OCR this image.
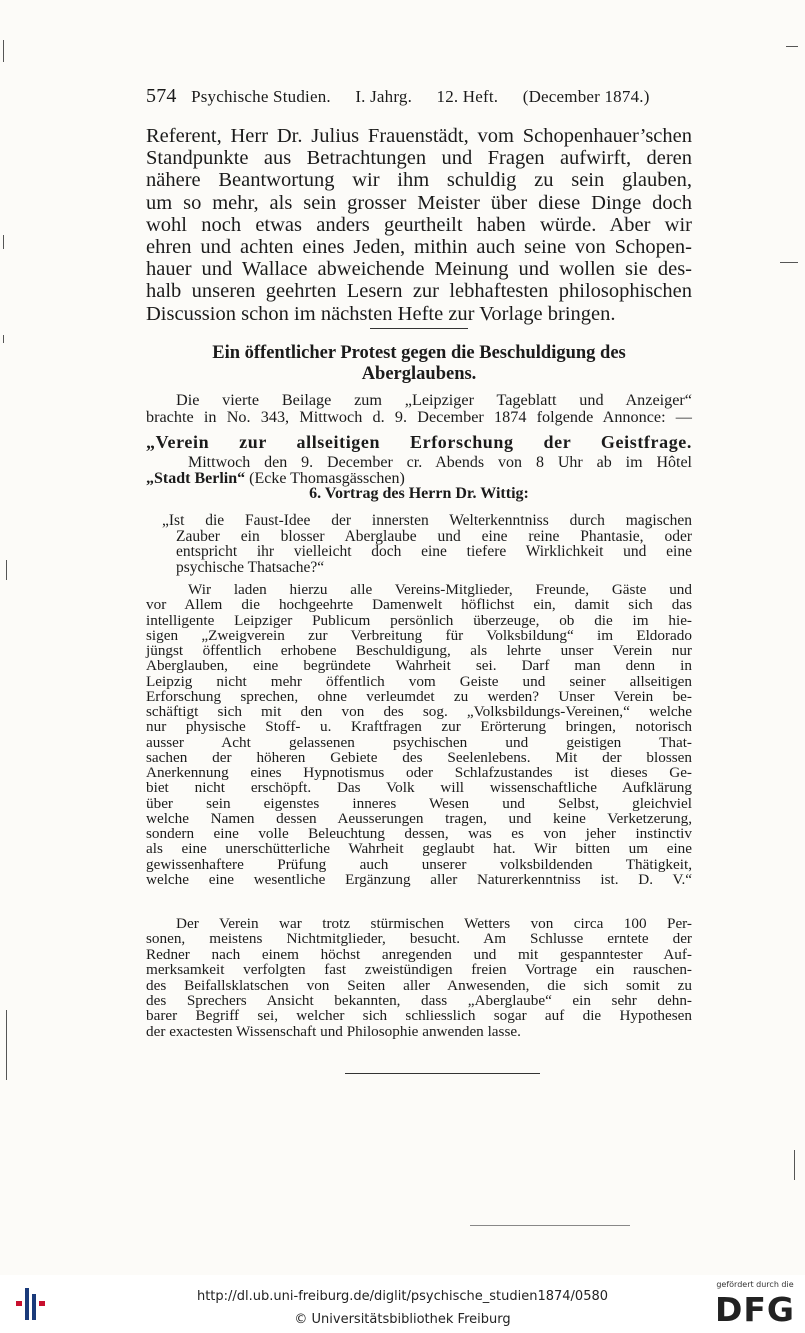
574 Psychische Studien. I. Jahrg. 12. Heft. (December 1874.)
Referent, Herr Dr. Julius Frauenstädt, vom Schopenhauer’schen
Standpunkte aus Betrachtungen und Fragen aufwirft, deren
nähere Beantwortung wir ihm schuldig zu sein glauben,
um so mehr, als sein grosser Meister über diese Dinge doch
wohl noch etwas anders geurtheilt haben würde. Aber wir
ehren und achten eines Jeden, mithin auch seine von Schopen-
hauer und Wallace abweichende Meinung und wollen sie des-
halb unseren geehrten Lesern zur lebhaftesten philosophischen
Discussion schon im nächsten Hefte zur Vorlage bringen.
Ein öffentlicher Protest gegen die Beschuldigung des
Aberglaubens.
Die vierte Beilage zum „Leipziger Tageblatt und Anzeiger“
brachte in No. 343, Mittwoch d. 9. December 1874 folgende Annonce: —
„Verein zur allseitigen Erforschung der Geistfrage.
Mittwoch den 9. December cr. Abends von 8 Uhr ab im Hôtel
„Stadt Berlin“ (Ecke Thomasgässchen)
6. Vortrag des Herrn Dr. Wittig:
„Ist die Faust-Idee der innersten Welterkenntniss durch magischen
Zauber ein blosser Aberglaube und eine reine Phantasie, oder
entspricht ihr vielleicht doch eine tiefere Wirklichkeit und eine
psychische Thatsache?“
Wir laden hierzu alle Vereins-Mitglieder, Freunde, Gäste und
vor Allem die hochgeehrte Damenwelt höflichst ein, damit sich das
intelligente Leipziger Publicum persönlich überzeuge, ob die im hie-
sigen „Zweigverein zur Verbreitung für Volksbildung“ im Eldorado
jüngst öffentlich erhobene Beschuldigung, als lehrte unser Verein nur
Aberglauben, eine begründete Wahrheit sei. Darf man denn in
Leipzig nicht mehr öffentlich vom Geiste und seiner allseitigen
Erforschung sprechen, ohne verleumdet zu werden? Unser Verein be-
schäftigt sich mit den von des sog. „Volksbildungs-Vereinen,“ welche
nur physische Stoff- u. Kraftfragen zur Erörterung bringen, notorisch
ausser Acht gelassenen psychischen und geistigen That-
sachen der höheren Gebiete des Seelenlebens. Mit der blossen
Anerkennung eines Hypnotismus oder Schlafzustandes ist dieses Ge-
biet nicht erschöpft. Das Volk will wissenschaftliche Aufklärung
über sein eigenstes inneres Wesen und Selbst, gleichviel
welche Namen dessen Aeusserungen tragen, und keine Verketzerung,
sondern eine volle Beleuchtung dessen, was es von jeher instinctiv
als eine unerschütterliche Wahrheit geglaubt hat. Wir bitten um eine
gewissenhaftere Prüfung auch unserer volksbildenden Thätigkeit,
welche eine wesentliche Ergänzung aller Naturerkenntniss ist. D. V.“
Der Verein war trotz stürmischen Wetters von circa 100 Per-
sonen, meistens Nichtmitglieder, besucht. Am Schlusse erntete der
Redner nach einem höchst anregenden und mit gespanntester Auf-
merksamkeit verfolgten fast zweistündigen freien Vortrage ein rauschen-
des Beifallsklatschen von Seiten aller Anwesenden, die sich somit zu
des Sprechers Ansicht bekannten, dass „Aberglaube“ ein sehr dehn-
barer Begriff sei, welcher sich schliesslich sogar auf die Hypothesen
der exactesten Wissenschaft und Philosophie anwenden lasse.
http://dl.ub.uni-freiburg.de/diglit/psychische_studien1874/0580
© Universitätsbibliothek Freiburg
gefördert durch die
DFG
